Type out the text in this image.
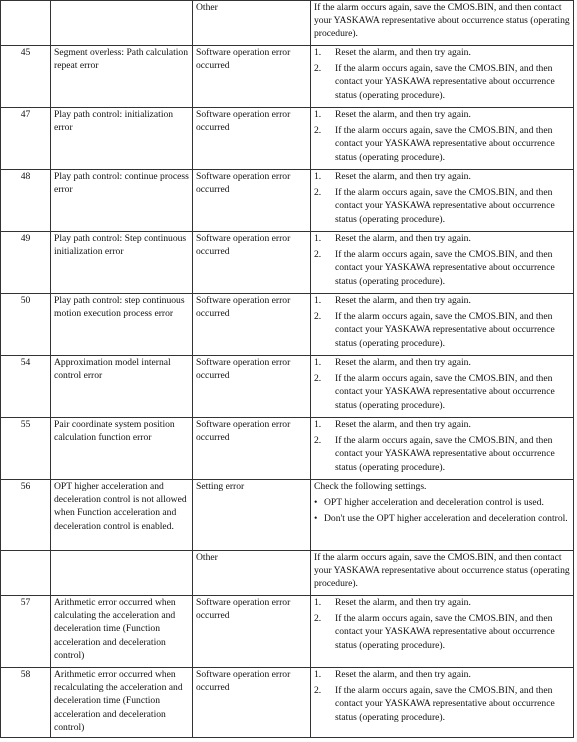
		Other	If the alarm occurs again, save the CMOS.BIN, and then contact your YASKAWA representative about occurrence status (operating procedure).

45	Segment overless: Path calculation repeat error	Software operation error occurred	1. Reset the alarm, and then try again.
2. If the alarm occurs again, save the CMOS.BIN, and then contact your YASKAWA representative about occurrence status (operating procedure).

47	Play path control: initialization error	Software operation error occurred	1. Reset the alarm, and then try again.
2. If the alarm occurs again, save the CMOS.BIN, and then contact your YASKAWA representative about occurrence status (operating procedure).

48	Play path control: continue process error	Software operation error occurred	1. Reset the alarm, and then try again.
2. If the alarm occurs again, save the CMOS.BIN, and then contact your YASKAWA representative about occurrence status (operating procedure).

49	Play path control: Step continuous initialization error	Software operation error occurred	1. Reset the alarm, and then try again.
2. If the alarm occurs again, save the CMOS.BIN, and then contact your YASKAWA representative about occurrence status (operating procedure).

50	Play path control: step continuous motion execution process error	Software operation error occurred	1. Reset the alarm, and then try again.
2. If the alarm occurs again, save the CMOS.BIN, and then contact your YASKAWA representative about occurrence status (operating procedure).

54	Approximation model internal control error	Software operation error occurred	1. Reset the alarm, and then try again.
2. If the alarm occurs again, save the CMOS.BIN, and then contact your YASKAWA representative about occurrence status (operating procedure).

55	Pair coordinate system position calculation function error	Software operation error occurred	1. Reset the alarm, and then try again.
2. If the alarm occurs again, save the CMOS.BIN, and then contact your YASKAWA representative about occurrence status (operating procedure).

56	OPT higher acceleration and deceleration control is not allowed when Function acceleration and deceleration control is enabled.	Setting error	Check the following settings.
• OPT higher acceleration and deceleration control is used.
• Don't use the OPT higher acceleration and deceleration control.

		Other	If the alarm occurs again, save the CMOS.BIN, and then contact your YASKAWA representative about occurrence status (operating procedure).

57	Arithmetic error occurred when calculating the acceleration and deceleration time (Function acceleration and deceleration control)	Software operation error occurred	1. Reset the alarm, and then try again.
2. If the alarm occurs again, save the CMOS.BIN, and then contact your YASKAWA representative about occurrence status (operating procedure).

58	Arithmetic error occurred when recalculating the acceleration and deceleration time (Function acceleration and deceleration control)	Software operation error occurred	1. Reset the alarm, and then try again.
2. If the alarm occurs again, save the CMOS.BIN, and then contact your YASKAWA representative about occurrence status (operating procedure).
